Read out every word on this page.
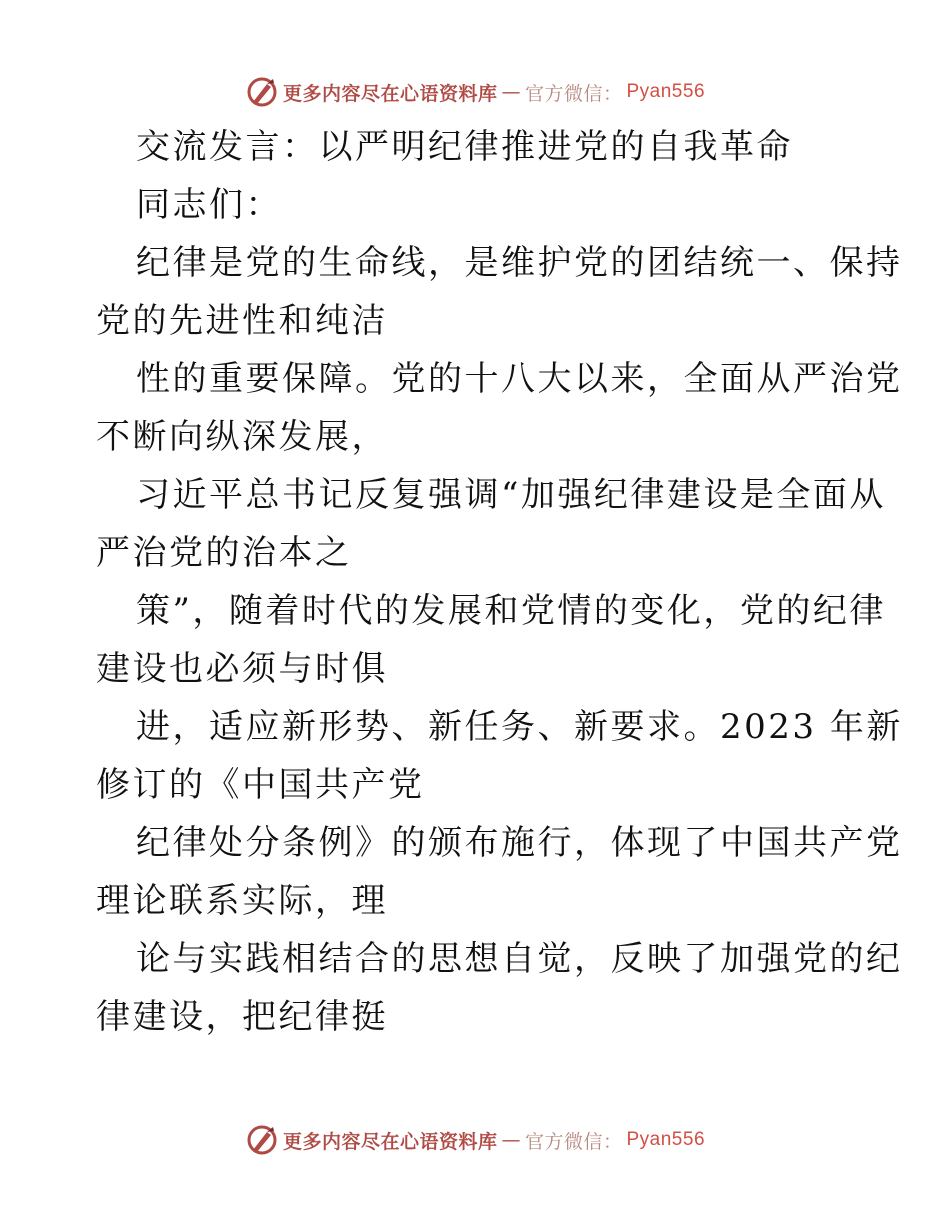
更多内容尽在心语资料库 — 官方微信： Pyan556
交流发言：以严明纪律推进党的自我革命
同志们：
纪律是党的生命线，是维护党的团结统一、保持
党的先进性和纯洁
性的重要保障。党的十八大以来，全面从严治党
不断向纵深发展，
习近平总书记反复强调“加强纪律建设是全面从
严治党的治本之
策”，随着时代的发展和党情的变化，党的纪律
建设也必须与时俱
进，适应新形势、新任务、新要求。2023 年新
修订的《中国共产党
纪律处分条例》的颁布施行，体现了中国共产党
理论联系实际，理
论与实践相结合的思想自觉，反映了加强党的纪
律建设，把纪律挺
更多内容尽在心语资料库 — 官方微信： Pyan556
